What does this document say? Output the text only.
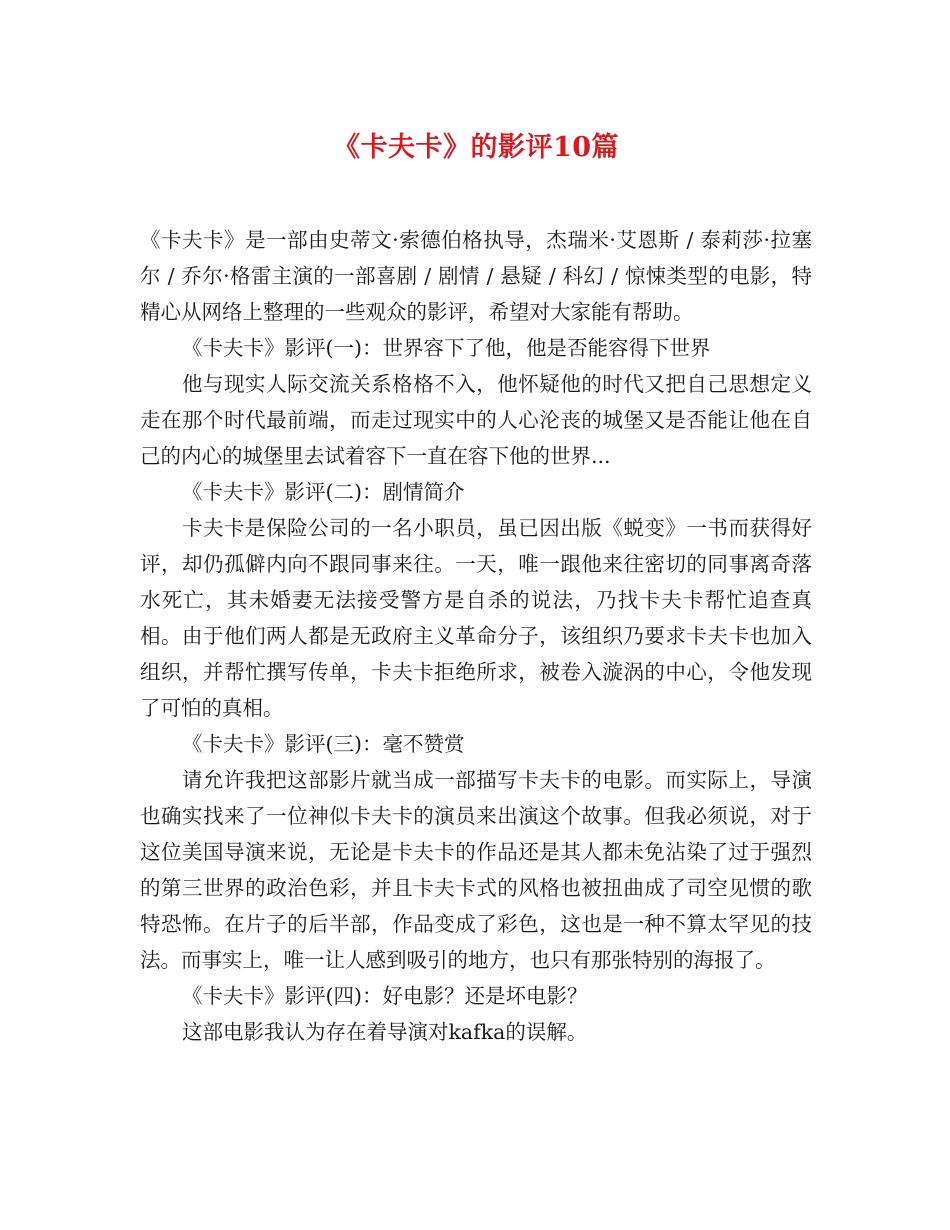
《卡夫卡》的影评10篇

《卡夫卡》是一部由史蒂文·索德伯格执导，杰瑞米·艾恩斯 / 泰莉莎·拉塞尔 / 乔尔·格雷主演的一部喜剧 / 剧情 / 悬疑 / 科幻 / 惊悚类型的电影，特精心从网络上整理的一些观众的影评，希望对大家能有帮助。

《卡夫卡》影评(一)：世界容下了他，他是否能容得下世界

他与现实人际交流关系格格不入，他怀疑他的时代又把自己思想定义走在那个时代最前端，而走过现实中的人心沦丧的城堡又是否能让他在自己的内心的城堡里去试着容下一直在容下他的世界...

《卡夫卡》影评(二)：剧情简介

卡夫卡是保险公司的一名小职员，虽已因出版《蜕变》一书而获得好评，却仍孤僻内向不跟同事来往。一天，唯一跟他来往密切的同事离奇落水死亡，其未婚妻无法接受警方是自杀的说法，乃找卡夫卡帮忙追查真相。由于他们两人都是无政府主义革命分子，该组织乃要求卡夫卡也加入组织，并帮忙撰写传单，卡夫卡拒绝所求，被卷入漩涡的中心，令他发现了可怕的真相。

《卡夫卡》影评(三)：毫不赞赏

请允许我把这部影片就当成一部描写卡夫卡的电影。而实际上，导演也确实找来了一位神似卡夫卡的演员来出演这个故事。但我必须说，对于这位美国导演来说，无论是卡夫卡的作品还是其人都未免沾染了过于强烈的第三世界的政治色彩，并且卡夫卡式的风格也被扭曲成了司空见惯的歌特恐怖。在片子的后半部，作品变成了彩色，这也是一种不算太罕见的技法。而事实上，唯一让人感到吸引的地方，也只有那张特别的海报了。

《卡夫卡》影评(四)：好电影？还是坏电影？

这部电影我认为存在着导演对kafka的误解。
